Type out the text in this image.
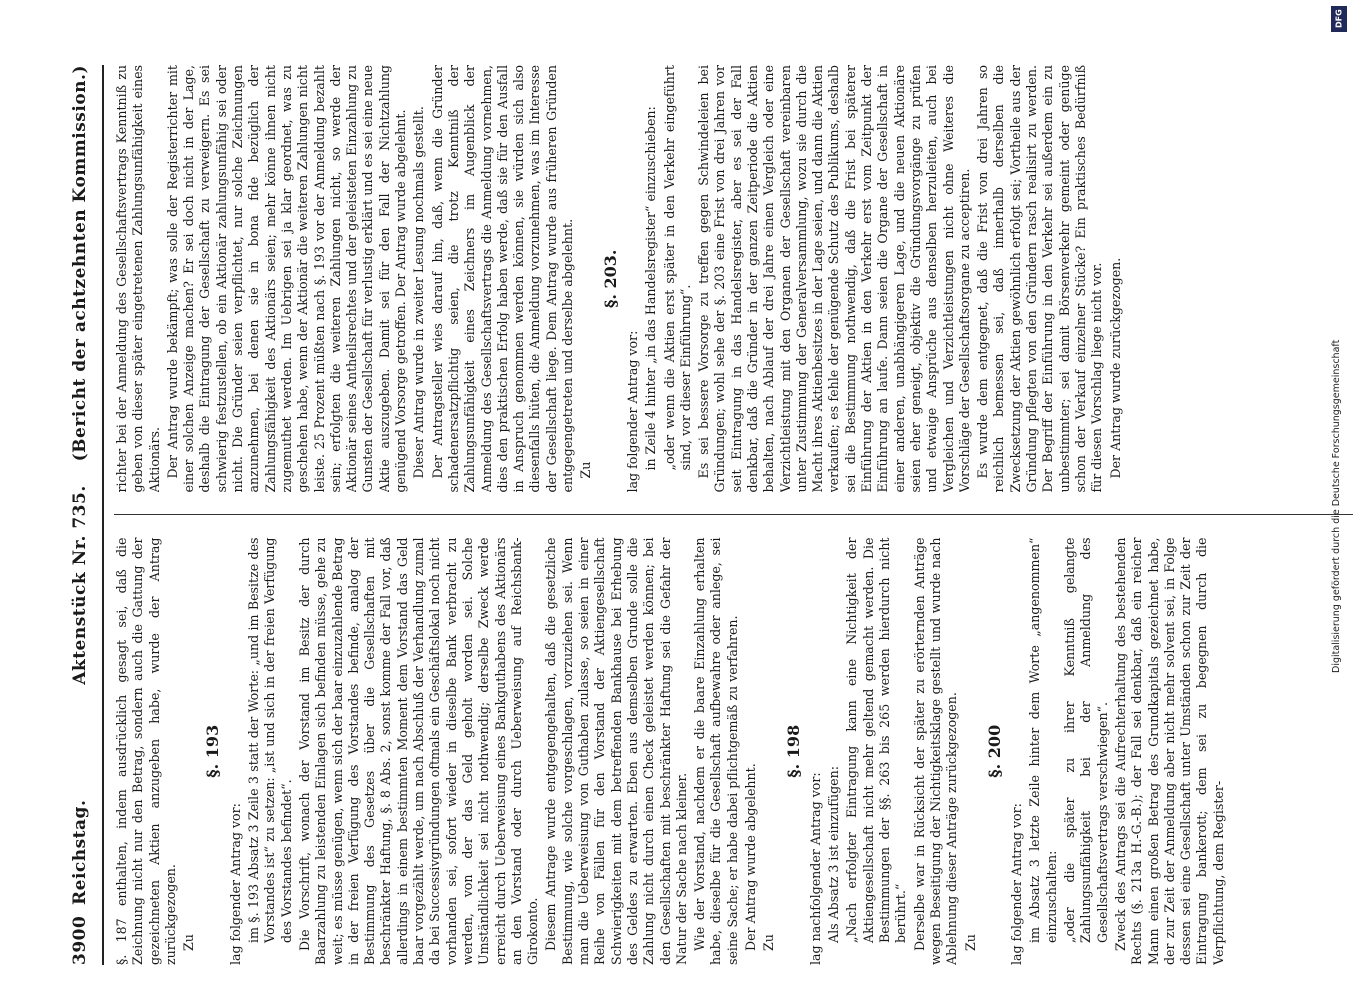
3900
Reichstag.
Aktenstück Nr. 735.
(Bericht der achtzehnten Kommission.)

§. 187 enthalten, indem ausdrücklich gesagt sei, daß die Zeichnung nicht nur den Betrag, sondern auch die Gattung der gezeichneten Aktien anzugeben habe, wurde der Antrag zurückgezogen. Zu

§. 193

lag folgender Antrag vor: im §. 193 Absatz 3 Zeile 3 statt der Worte: „und im Besitze des Vorstandes ist“ zu setzen: „ist und sich in der freien Verfügung des Vorstandes befindet“. Die Vorschrift, wonach der Vorstand im Besitz der durch Baarzahlung zu leistenden Einlagen sich befinden müsse, gehe zu weit; es müsse genügen, wenn sich der baar einzuzahlende Betrag in der freien Verfügung des Vorstandes befinde, analog der Bestimmung des Gesetzes über die Gesellschaften mit beschränkter Haftung, §. 8 Abs. 2, sonst komme der Fall vor, daß allerdings in einem bestimmten Moment dem Vorstand das Geld baar vorgezählt werde, um nach Abschluß der Verhandlung zumal da bei Successivgründungen oftmals ein Geschäftslokal noch nicht vorhanden sei, sofort wieder in dieselbe Bank verbracht zu werden, von der das Geld geholt worden sei. Solche Umständlichkeit sei nicht nothwendig; derselbe Zweck werde erreicht durch Ueberweisung eines Bankguthabens des Aktionärs an den Vorstand oder durch Ueberweisung auf Reichsbank-Girokonto. Diesem Antrage wurde entgegengehalten, daß die gesetzliche Bestimmung, wie solche vorgeschlagen, vorzuziehen sei. Wenn man die Ueberweisung von Guthaben zulasse, so seien in einer Reihe von Fällen für den Vorstand der Aktiengesellschaft Schwierigkeiten mit dem betreffenden Bankhause bei Erhebung des Geldes zu erwarten. Eben aus demselben Grunde solle die Zahlung nicht durch einen Check geleistet werden können; bei den Gesellschaften mit beschränkter Haftung sei die Gefahr der Natur der Sache nach kleiner. Wie der Vorstand, nachdem er die baare Einzahlung erhalten habe, dieselbe für die Gesellschaft aufbewahre oder anlege, sei seine Sache; er habe dabei pflichtgemäß zu verfahren. Der Antrag wurde abgelehnt. Zu

§. 198

lag nachfolgender Antrag vor: Als Absatz 3 ist einzufügen: „Nach erfolgter Eintragung kann eine Nichtigkeit der Aktiengesellschaft nicht mehr geltend gemacht werden. Die Bestimmungen der §§. 263 bis 265 werden hierdurch nicht berührt.“ Derselbe war in Rücksicht der später zu erörternden Anträge wegen Beseitigung der Nichtigkeitsklage gestellt und wurde nach Ablehnung dieser Anträge zurückgezogen. Zu

§. 200

lag folgender Antrag vor: im Absatz 3 letzte Zeile hinter dem Worte „angenommen“ einzuschalten: „oder die später zu ihrer Kenntniß gelangte Zahlungsunfähigkeit bei der Anmeldung des Gesellschaftsvertrags verschwiegen“. Zweck des Antrags sei die Aufrechterhaltung des bestehenden Rechts (§. 213a H.-G.-B.); der Fall sei denkbar, daß ein reicher Mann einen großen Betrag des Grundkapitals gezeichnet habe, der zur Zeit der Anmeldung aber nicht mehr solvent sei, in Folge dessen sei eine Gesellschaft unter Umständen schon zur Zeit der Eintragung bankerott; dem sei zu begegnen durch die Verpflichtung, dem Register-

richter bei der Anmeldung des Gesellschaftsvertrags Kenntniß zu geben von dieser später eingetretenen Zahlungsunfähigkeit eines Aktionärs. Der Antrag wurde bekämpft; was solle der Registerrichter mit einer solchen Anzeige machen? Er sei doch nicht in der Lage, deshalb die Eintragung der Gesellschaft zu verweigern. Es sei schwierig festzustellen, ob ein Aktionär zahlungsunfähig sei oder nicht. Die Gründer seien verpflichtet, nur solche Zeichnungen anzunehmen, bei denen sie in bona fide bezüglich der Zahlungsfähigkeit des Aktionärs seien; mehr könne ihnen nicht zugemuthet werden. Im Uebrigen sei ja klar geordnet, was zu geschehen habe, wenn der Aktionär die weiteren Zahlungen nicht leiste. 25 Prozent müßten nach §. 193 vor der Anmeldung bezahlt sein; erfolgten die weiteren Zahlungen nicht, so werde der Aktionär seines Antheilsrechtes und der geleisteten Einzahlung zu Gunsten der Gesellschaft für verlustig erklärt und es sei eine neue Aktie auszugeben. Damit sei für den Fall der Nichtzahlung genügend Vorsorge getroffen. Der Antrag wurde abgelehnt. Dieser Antrag wurde in zweiter Lesung nochmals gestellt. Der Antragsteller wies darauf hin, daß, wenn die Gründer schadenersatzpflichtig seien, die trotz Kenntniß der Zahlungsunfähigkeit eines Zeichners im Augenblick der Anmeldung des Gesellschaftsvertrags die Anmeldung vornehmen, dies den praktischen Erfolg haben werde, daß sie für den Ausfall in Anspruch genommen werden können, sie würden sich also diesenfalls hüten, die Anmeldung vorzunehmen, was im Interesse der Gesellschaft liege. Dem Antrag wurde aus früheren Gründen entgegengetreten und derselbe abgelehnt. Zu

§. 203.

lag folgender Antrag vor: in Zeile 4 hinter „in das Handelsregister“ einzuschieben: „oder wenn die Aktien erst später in den Verkehr eingeführt sind, vor dieser Einführung“. Es sei bessere Vorsorge zu treffen gegen Schwindeleien bei Gründungen; wohl sehe der §. 203 eine Frist von drei Jahren vor seit Eintragung in das Handelsregister, aber es sei der Fall denkbar, daß die Gründer in der ganzen Zeitperiode die Aktien behalten, nach Ablauf der drei Jahre einen Vergleich oder eine Verzichtleistung mit den Organen der Gesellschaft vereinbaren unter Zustimmung der Generalversammlung, wozu sie durch die Macht ihres Aktienbesitzes in der Lage seien, und dann die Aktien verkaufen; es fehle der genügende Schutz des Publikums, deshalb sei die Bestimmung nothwendig, daß die Frist bei späterer Einführung der Aktien in den Verkehr erst vom Zeitpunkt der Einführung an laufe. Dann seien die Organe der Gesellschaft in einer anderen, unabhängigeren Lage, und die neuen Aktionäre seien eher geneigt, objektiv die Gründungsvorgänge zu prüfen und etwaige Ansprüche aus denselben herzuleiten, auch bei Vergleichen und Verzichtleistungen nicht ohne Weiteres die Vorschläge der Gesellschaftsorgane zu acceptiren. Es wurde dem entgegnet, daß die Frist von drei Jahren so reichlich bemessen sei, daß innerhalb derselben die Zwecksetzung der Aktien gewöhnlich erfolgt sei; Vortheile aus der Gründung pflegten von den Gründern rasch realisirt zu werden. Der Begriff der Einführung in den Verkehr sei außerdem ein zu unbestimmter; sei damit Börsenverkehr gemeint oder genüge schon der Verkauf einzelner Stücke? Ein praktisches Bedürfniß für diesen Vorschlag liege nicht vor. Der Antrag wurde zurückgezogen.

DFG
Digitalisierung gefördert durch die Deutsche Forschungsgemeinschaft
